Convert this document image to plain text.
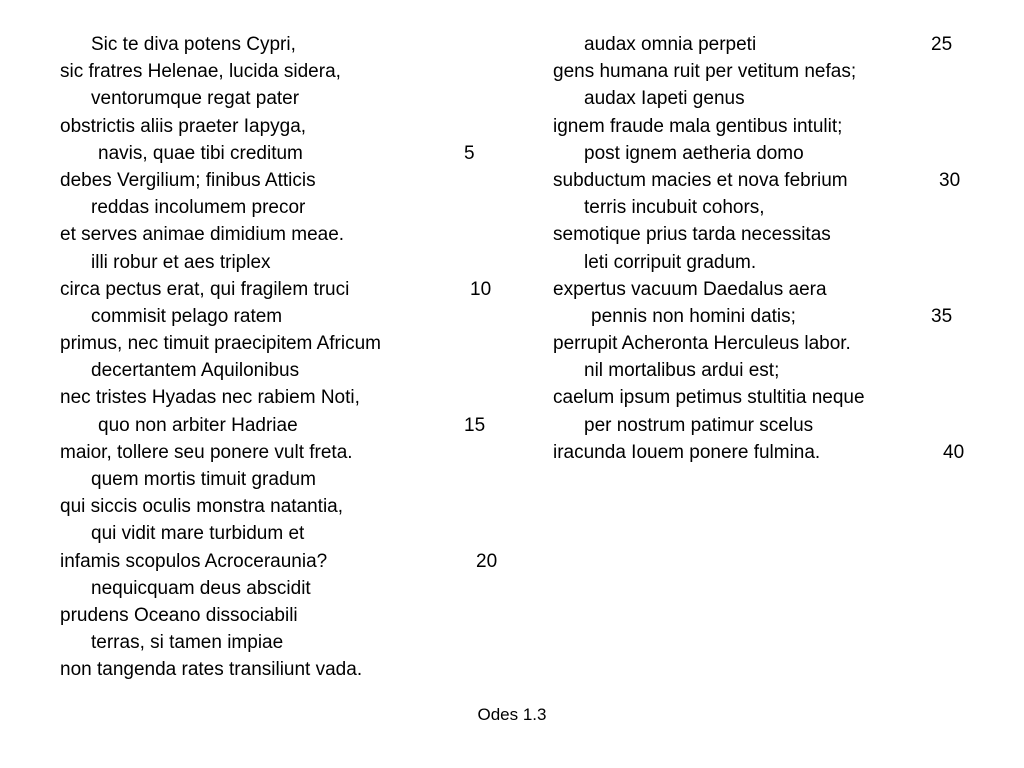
Sic te diva potens Cypri,
sic fratres Helenae, lucida sidera,
ventorumque regat pater
obstrictis aliis praeter Iapyga,
navis, quae tibi creditum	5
debes Vergilium; finibus Atticis
reddas incolumem precor
et serves animae dimidium meae.
illi robur et aes triplex
circa pectus erat, qui fragilem truci	10
commisit pelago ratem
primus, nec timuit praecipitem Africum
decertantem Aquilonibus
nec tristes Hyadas nec rabiem Noti,
quo non arbiter Hadriae	15
maior, tollere seu ponere vult freta.
quem mortis timuit gradum
qui siccis oculis monstra natantia,
qui vidit mare turbidum et
infamis scopulos Acroceraunia?	20
nequicquam deus abscidit
prudens Oceano dissociabili
terras, si tamen impiae
non tangenda rates transiliunt vada.
audax omnia perpeti	25
gens humana ruit per vetitum nefas;
audax Iapeti genus
ignem fraude mala gentibus intulit;
post ignem aetheria domo
subductum macies et nova febrium	30
terris incubuit cohors,
semotique prius tarda necessitas
leti corripuit gradum.
expertus vacuum Daedalus aera
pennis non homini datis;	35
perrupit Acheronta Herculeus labor.
nil mortalibus ardui est;
caelum ipsum petimus stultitia neque
per nostrum patimur scelus
iracunda Iouem ponere fulmina.	40
Odes 1.3
